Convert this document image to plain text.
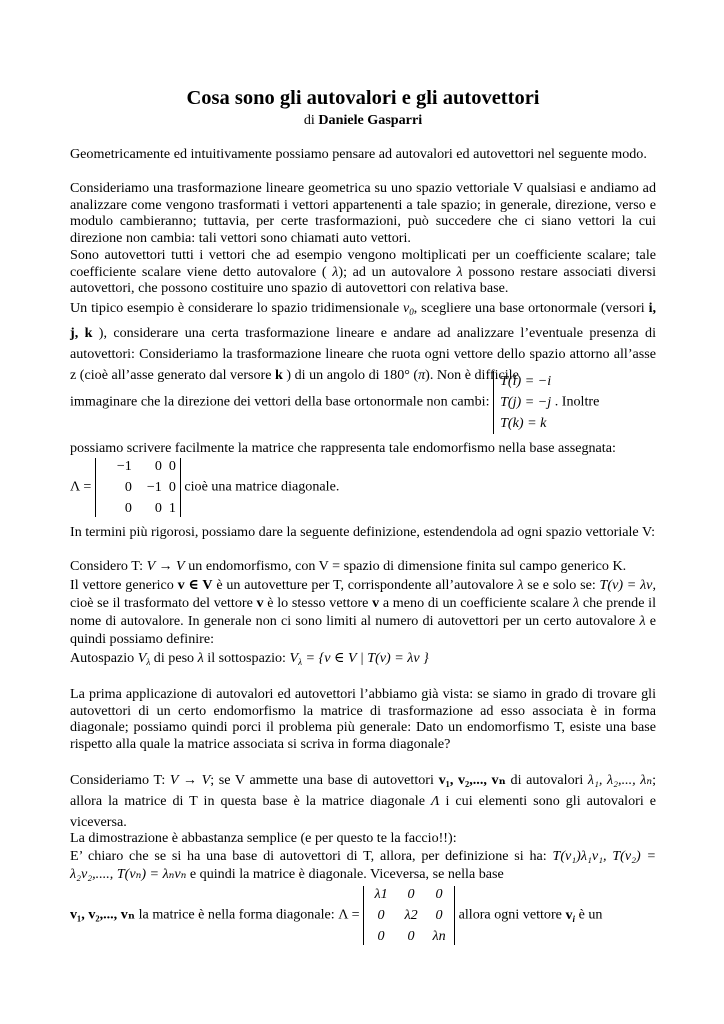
Cosa sono gli autovalori e gli autovettori
di Daniele Gasparri

Geometricamente ed intuitivamente possiamo pensare ad autovalori ed autovettori nel seguente modo.

Consideriamo una trasformazione lineare geometrica su uno spazio vettoriale V qualsiasi e andiamo ad analizzare come vengono trasformati i vettori appartenenti a tale spazio; in generale, direzione, verso e modulo cambieranno; tuttavia, per certe trasformazioni, può succedere che ci siano vettori la cui direzione non cambia: tali vettori sono chiamati auto vettori.

Sono autovettori tutti i vettori che ad esempio vengono moltiplicati per un coefficiente scalare; tale coefficiente scalare viene detto autovalore ( λ); ad un autovalore λ possono restare associati diversi autovettori, che possono costituire uno spazio di autovettori con relativa base.

Un tipico esempio è considerare lo spazio tridimensionale $v_0$, scegliere una base ortonormale (versori i, j, k ), considerare una certa trasformazione lineare e andare ad analizzare l’eventuale presenza di autovettori: Consideriamo la trasformazione lineare che ruota ogni vettore dello spazio attorno all’asse z (cioè all’asse generato dal versore k ) di un angolo di 180° (π). Non è difficile

immaginare che la direzione dei vettori della base ortonormale non cambi:
T(i) = −i
T(j) = −j
T(k) = k
. Inoltre

possiamo scrivere facilmente la matrice che rappresenta tale endomorfismo nella base assegnata:

Λ =
−1	0 0
0	−1 0
0	0 1
cioè una matrice diagonale.

In termini più rigorosi, possiamo dare la seguente definizione, estendendola ad ogni spazio vettoriale V:

Considero T: V → V un endomorfismo, con V = spazio di dimensione finita sul campo generico K.

Il vettore generico v ∈ V è un autovetture per T, corrispondente all’autovalore λ se e solo se: T(v) = λv, cioè se il trasformato del vettore v è lo stesso vettore v a meno di un coefficiente scalare λ che prende il nome di autovalore. In generale non ci sono limiti al numero di autovettori per un certo autovalore λ e quindi possiamo definire:

Autospazio $V_\lambda$ di peso λ il sottospazio: $V_\lambda = \{v$ ∈ V | T(v) = λv }

La prima applicazione di autovalori ed autovettori l’abbiamo già vista: se siamo in grado di trovare gli autovettori di un certo endomorfismo la matrice di trasformazione ad esso associata è in forma diagonale; possiamo quindi porci il problema più generale: Dato un endomorfismo T, esiste una base rispetto alla quale la matrice associata si scriva in forma diagonale?

Consideriamo T: V → V; se V ammette una base di autovettori v₁, v₂,..., vₙ di autovalori λ₁, λ₂,..., λₙ; allora la matrice di T in questa base è la matrice diagonale Λ i cui elementi sono gli autovalori e viceversa.

La dimostrazione è abbastanza semplice (e per questo te la faccio!!):

E’ chiaro che se si ha una base di autovettori di T, allora, per definizione si ha: T(v₁)λ₁v₁, T(v₂) = λ₂v₂,...., T(vₙ) = λₙvₙ e quindi la matrice è diagonale. Viceversa, se nella base

v₁, v₂,..., vₙ la matrice è nella forma diagonale: Λ =
λ1	0	0
0	λ2	0
0	0	λn
allora ogni vettore $v_i$ è un
